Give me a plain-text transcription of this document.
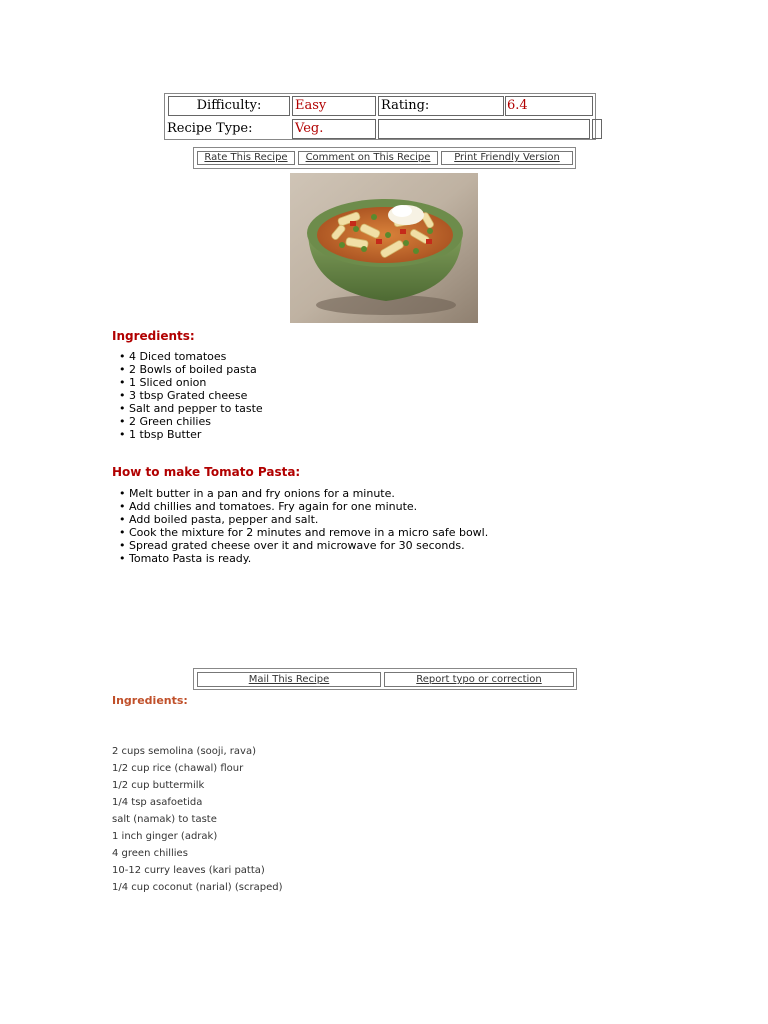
Difficulty:	Easy	Rating:	6.4
Recipe Type:	Veg.
Rate This Recipe	Comment on This Recipe	Print Friendly Version
Ingredients:
• 4 Diced tomatoes
• 2 Bowls of boiled pasta
• 1 Sliced onion
• 3 tbsp Grated cheese
• Salt and pepper to taste
• 2 Green chilies
• 1 tbsp Butter
How to make Tomato Pasta:
• Melt butter in a pan and fry onions for a minute.
• Add chillies and tomatoes. Fry again for one minute.
• Add boiled pasta, pepper and salt.
• Cook the mixture for 2 minutes and remove in a micro safe bowl.
• Spread grated cheese over it and microwave for 30 seconds.
• Tomato Pasta is ready.
Mail This Recipe	Report typo or correction
Ingredients:
2 cups semolina (sooji, rava)
1/2 cup rice (chawal) flour
1/2 cup buttermilk
1/4 tsp asafoetida
salt (namak) to taste
1 inch ginger (adrak)
4 green chillies
10-12 curry leaves (kari patta)
1/4 cup coconut (narial) (scraped)
